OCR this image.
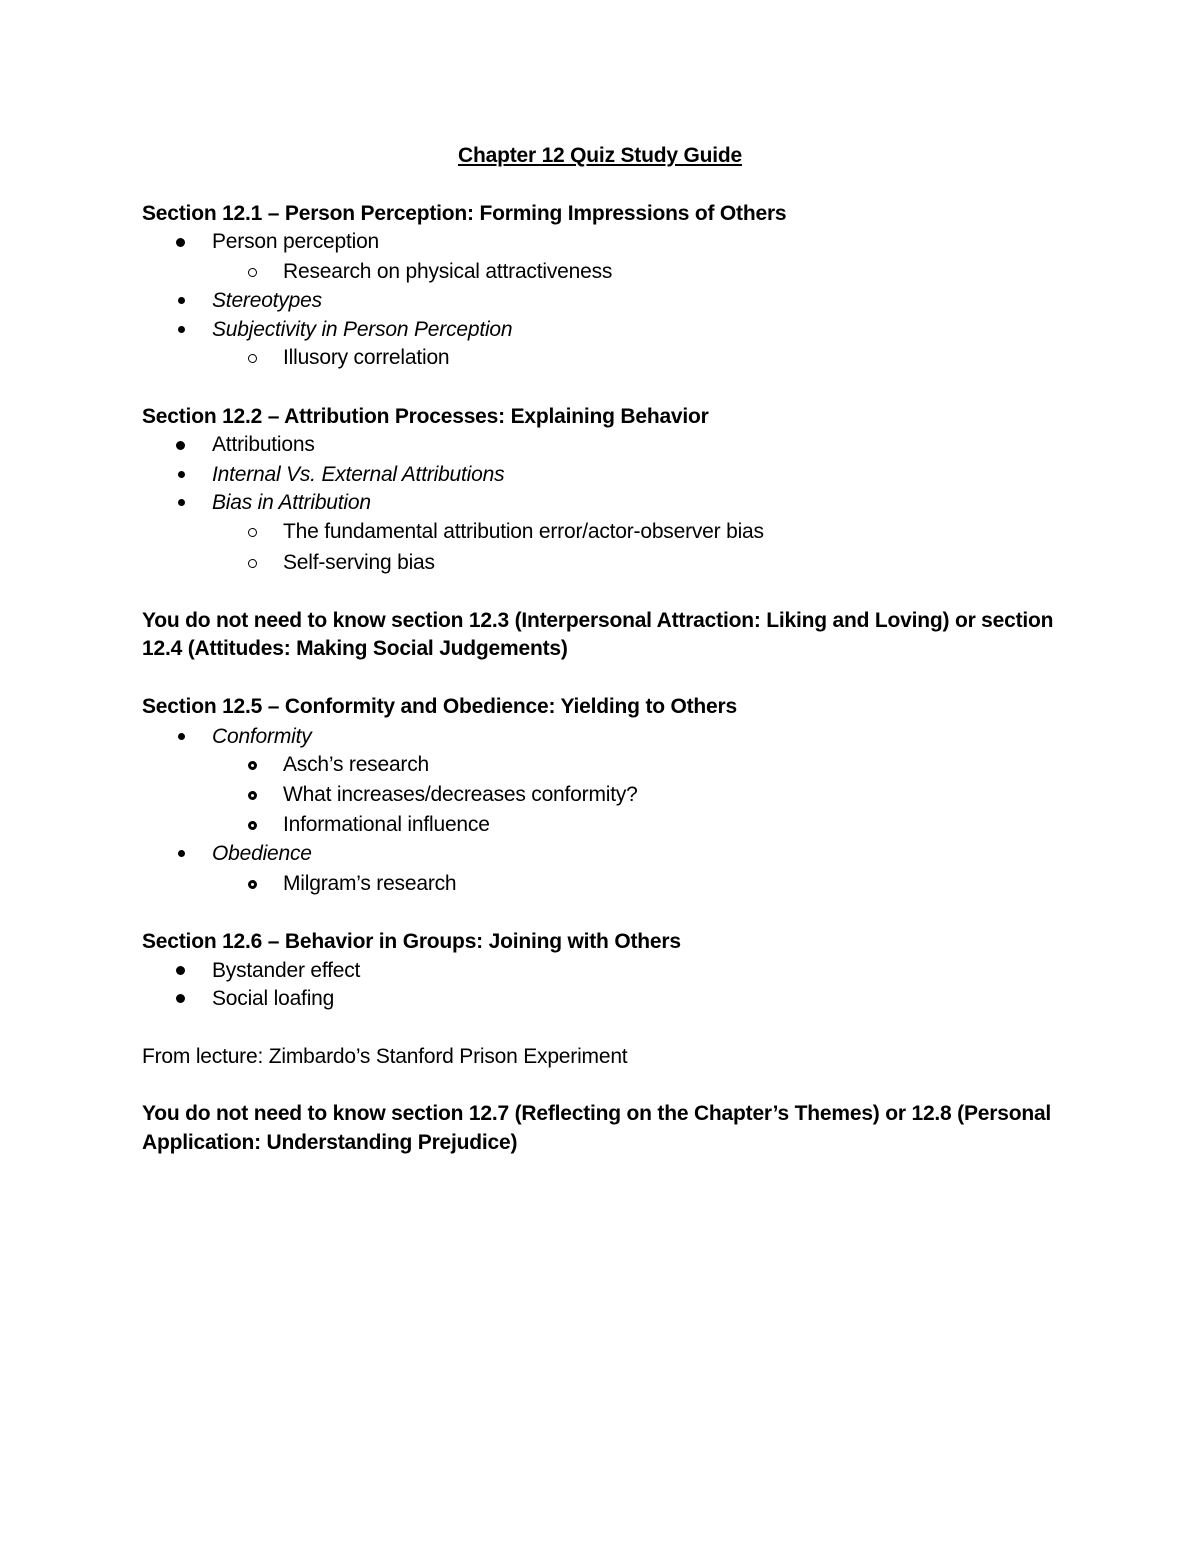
Chapter 12 Quiz Study Guide
Section 12.1 – Person Perception: Forming Impressions of Others
Person perception
Research on physical attractiveness
Stereotypes
Subjectivity in Person Perception
Illusory correlation
Section 12.2 – Attribution Processes: Explaining Behavior
Attributions
Internal Vs. External Attributions
Bias in Attribution
The fundamental attribution error/actor-observer bias
Self-serving bias
You do not need to know section 12.3 (Interpersonal Attraction: Liking and Loving) or section
12.4 (Attitudes: Making Social Judgements)
Section 12.5 – Conformity and Obedience: Yielding to Others
Conformity
Asch’s research
What increases/decreases conformity?
Informational influence
Obedience
Milgram’s research
Section 12.6 – Behavior in Groups: Joining with Others
Bystander effect
Social loafing
From lecture: Zimbardo’s Stanford Prison Experiment
You do not need to know section 12.7 (Reflecting on the Chapter’s Themes) or 12.8 (Personal
Application: Understanding Prejudice)
